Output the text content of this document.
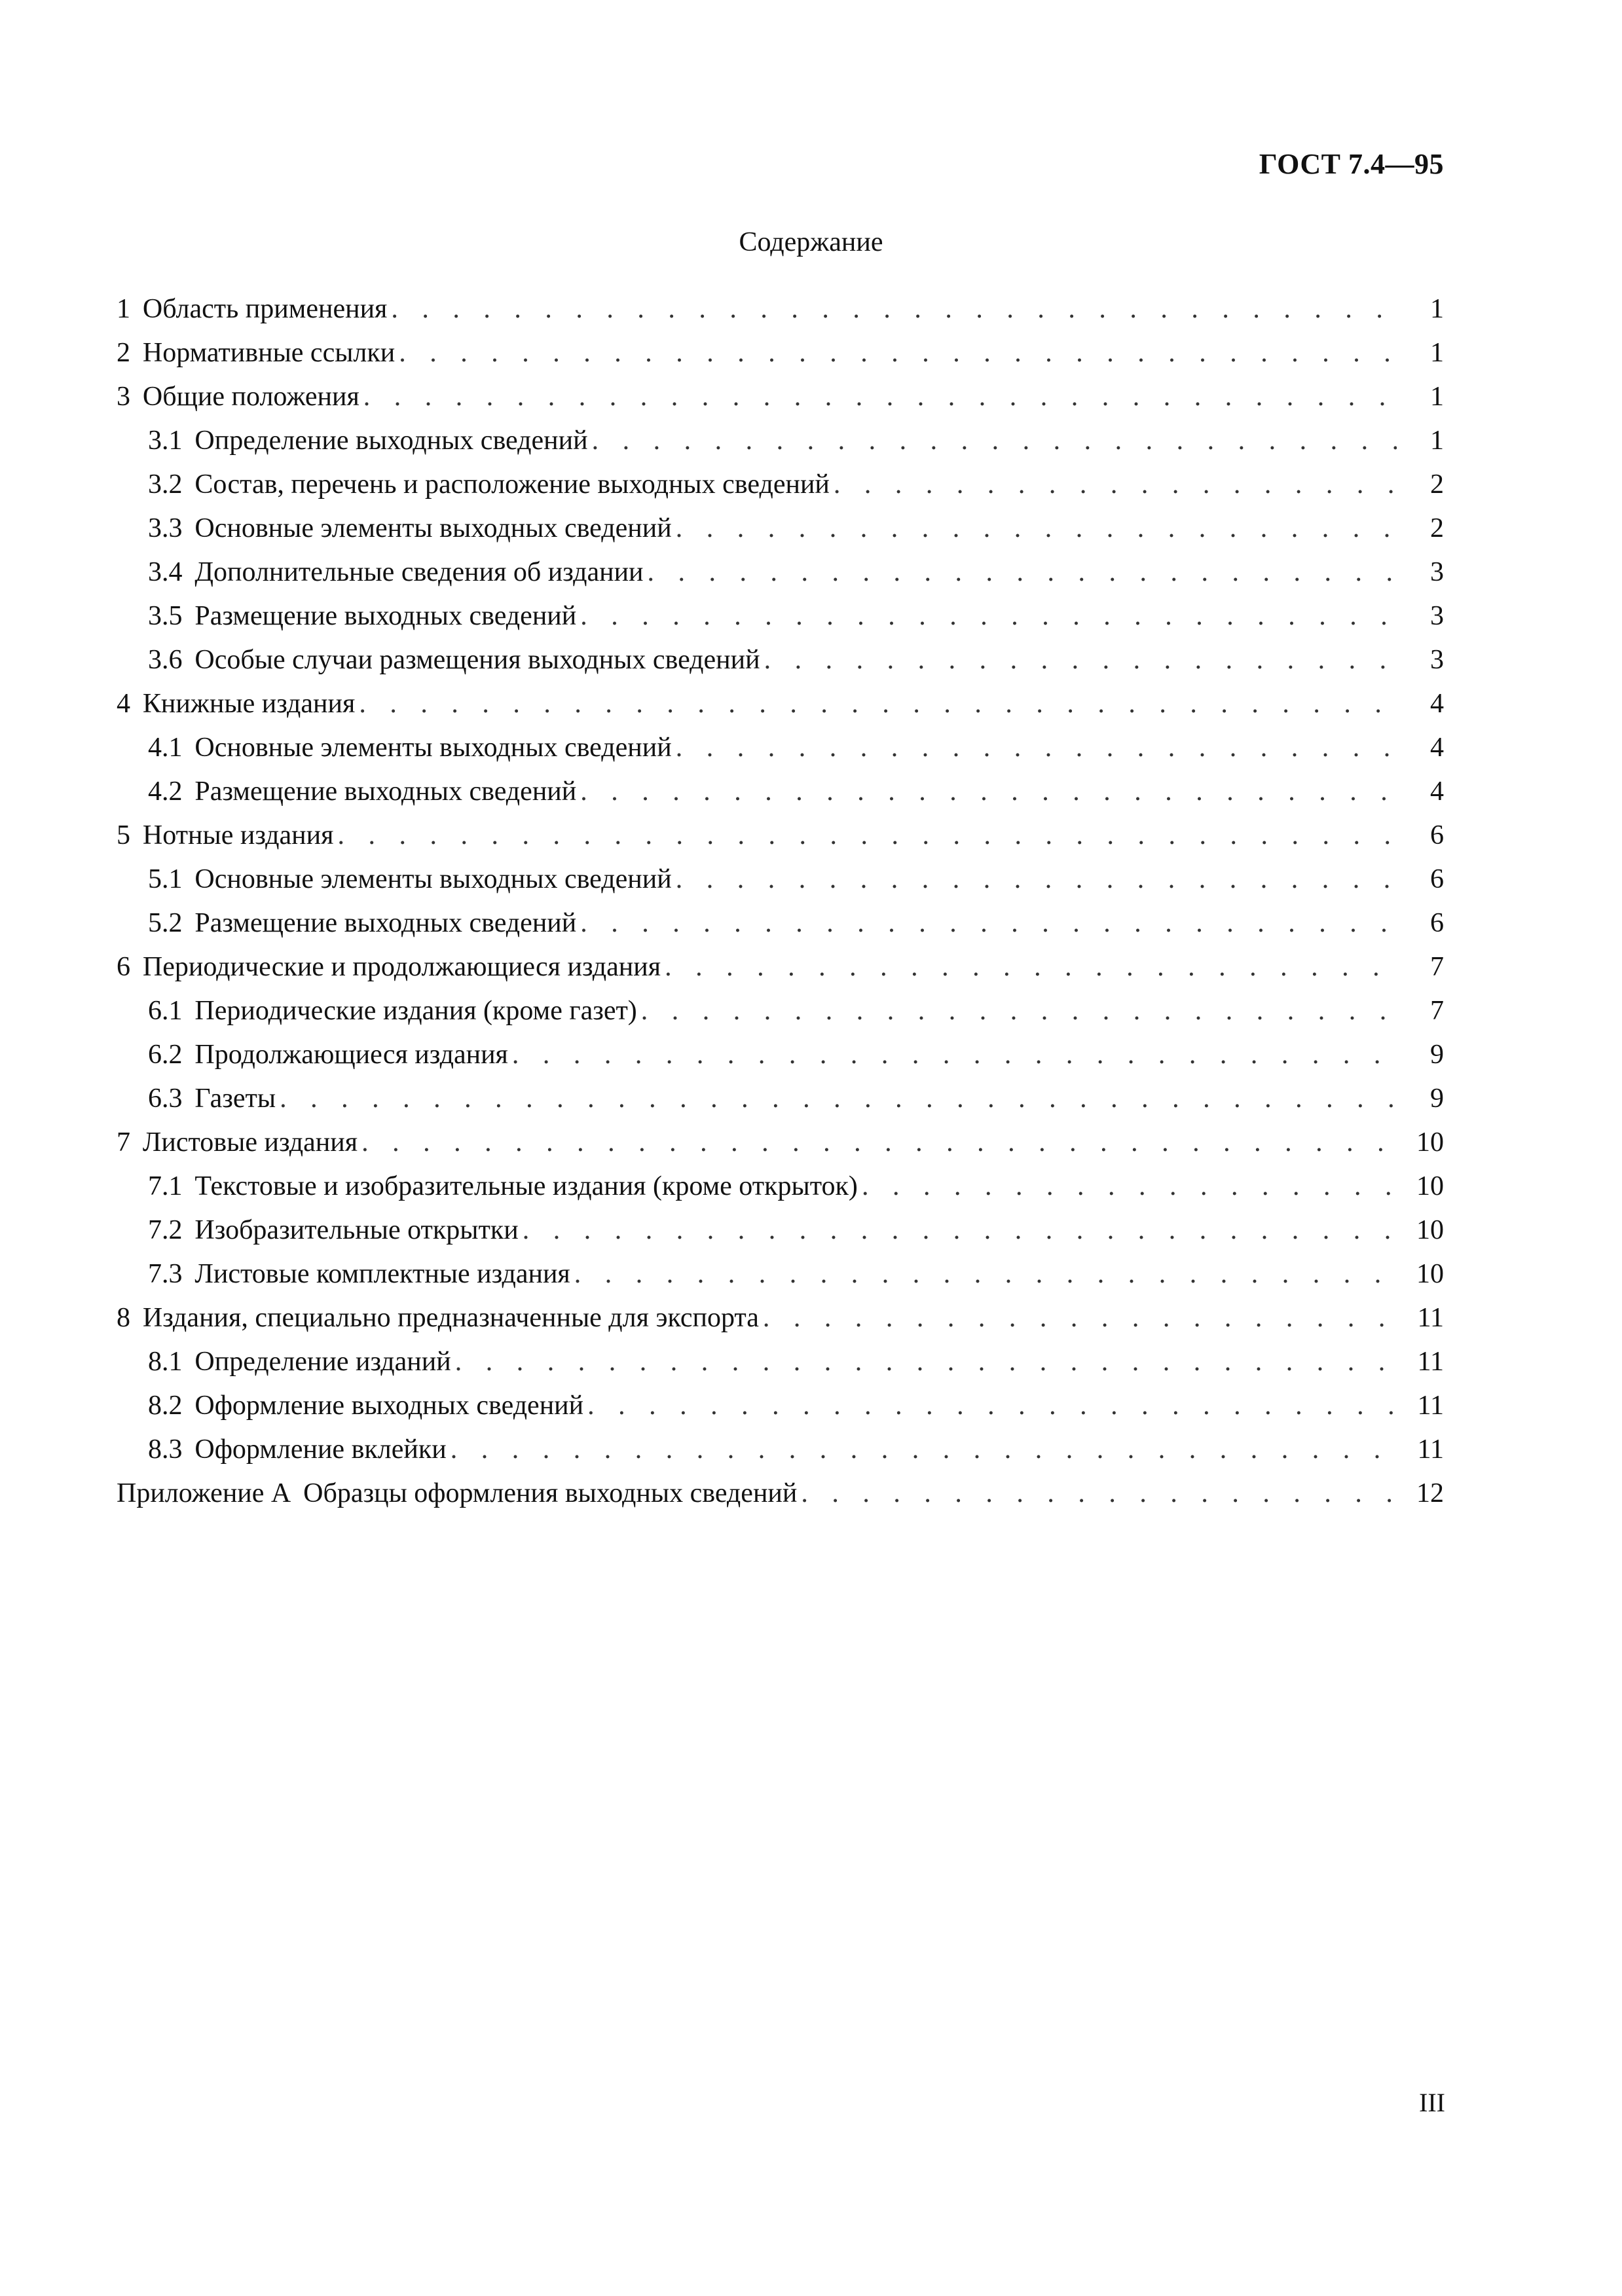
ГОСТ 7.4—95
Содержание
1 Область применения . . .	1
2 Нормативные ссылки . . .	1
3 Общие положения . . .	1
3.1 Определение выходных сведений . . .	1
3.2 Состав, перечень и расположение выходных сведений . . .	2
3.3 Основные элементы выходных сведений . . .	2
3.4 Дополнительные сведения об издании . . .	3
3.5 Размещение выходных сведений . . .	3
3.6 Особые случаи размещения выходных сведений . . .	3
4 Книжные издания . . .	4
4.1 Основные элементы выходных сведений . . .	4
4.2 Размещение выходных сведений . . .	4
5 Нотные издания . . .	6
5.1 Основные элементы выходных сведений . . .	6
5.2 Размещение выходных сведений . . .	6
6 Периодические и продолжающиеся издания . . .	7
6.1 Периодические издания (кроме газет) . . .	7
6.2 Продолжающиеся издания . . .	9
6.3 Газеты . . .	9
7 Листовые издания . . .	10
7.1 Текстовые и изобразительные издания (кроме открыток) . . .	10
7.2 Изобразительные открытки . . .	10
7.3 Листовые комплектные издания . . .	10
8 Издания, специально предназначенные для экспорта . . .	11
8.1 Определение изданий . . .	11
8.2 Оформление выходных сведений . . .	11
8.3 Оформление вклейки . . .	11
Приложение А Образцы оформления выходных сведений . . .	12
III
